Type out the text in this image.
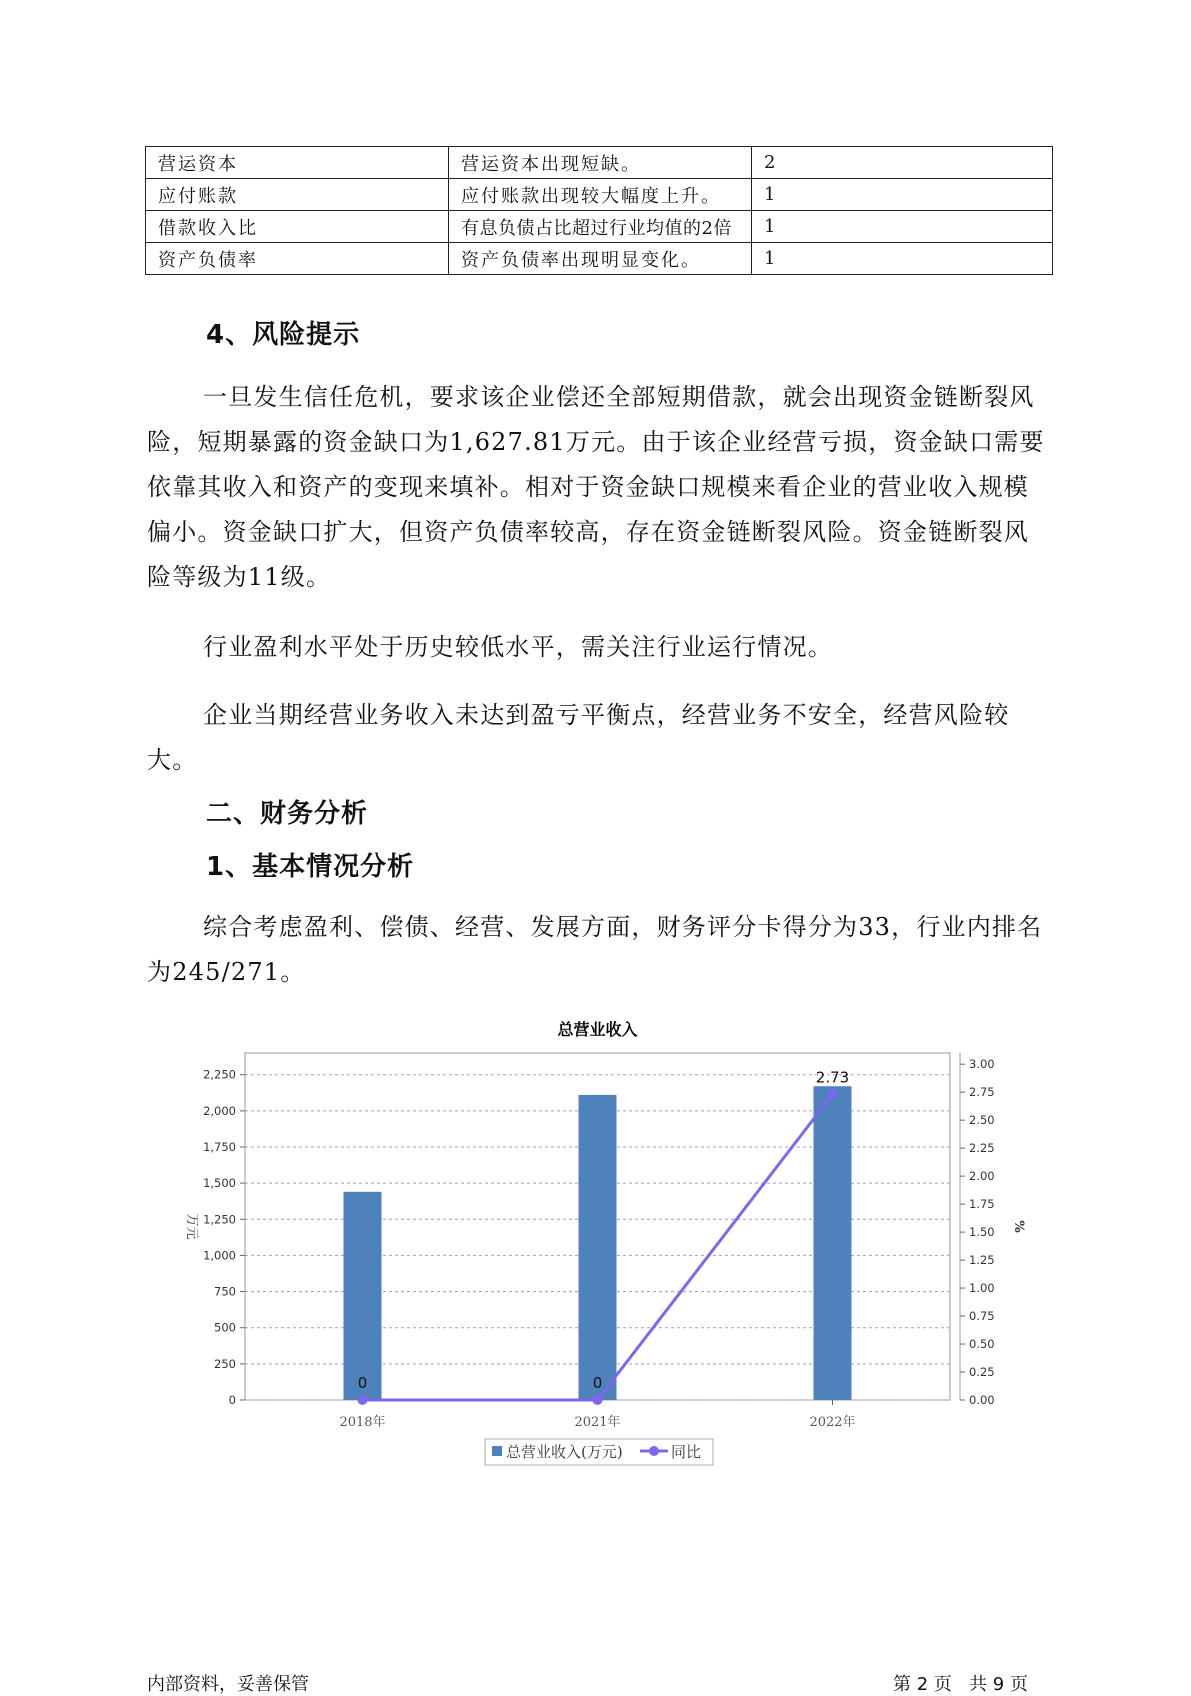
营运资本	营运资本出现短缺。	2
应付账款	应付账款出现较大幅度上升。	1
借款收入比	有息负债占比超过行业均值的2倍	1
资产负债率	资产负债率出现明显变化。	1
4、风险提示

一旦发生信任危机，要求该企业偿还全部短期借款，就会出现资金链断裂风险，短期暴露的资金缺口为1,627.81万元。由于该企业经营亏损，资金缺口需要依靠其收入和资产的变现来填补。相对于资金缺口规模来看企业的营业收入规模偏小。资金缺口扩大，但资产负债率较高，存在资金链断裂风险。资金链断裂风险等级为11级。

行业盈利水平处于历史较低水平，需关注行业运行情况。

企业当期经营业务收入未达到盈亏平衡点，经营业务不安全，经营风险较大。

二、财务分析
1、基本情况分析

综合考虑盈利、偿债、经营、发展方面，财务评分卡得分为33，行业内排名为245/271。

总营业收入
0
250
500
750
1,000
1,250
1,500
1,750
2,000
2,250
0.00
0.25
0.50
0.75
1.00
1.25
1.50
1.75
2.00
2.25
2.50
2.75
3.00
万元	%
2018年	2021年	2022年
0	0
2.73
总营业收入(万元)	同比
内部资料，妥善保管	第 2 页   共 9 页
